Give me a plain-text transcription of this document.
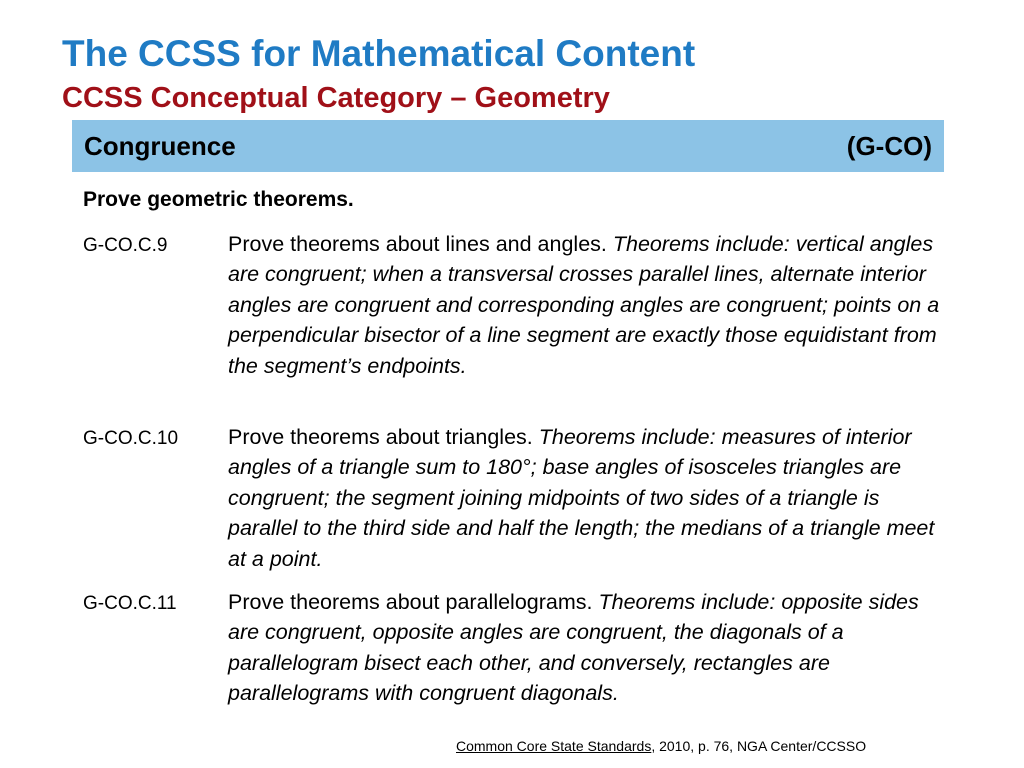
The CCSS for Mathematical Content
CCSS Conceptual Category – Geometry
Congruence	(G-CO)
Prove geometric theorems.
G-CO.C.9	Prove theorems about lines and angles. Theorems include: vertical angles are congruent; when a transversal crosses parallel lines, alternate interior angles are congruent and corresponding angles are congruent; points on a perpendicular bisector of a line segment are exactly those equidistant from the segment’s endpoints.

G-CO.C.10 Prove theorems about triangles. Theorems include: measures of interior angles of a triangle sum to 180°; base angles of isosceles triangles are congruent; the segment joining midpoints of two sides of a triangle is parallel to the third side and half the length; the medians of a triangle meet at a point.

G-CO.C.11 Prove theorems about parallelograms. Theorems include: opposite sides are congruent, opposite angles are congruent, the diagonals of a parallelogram bisect each other, and conversely, rectangles are parallelograms with congruent diagonals.

Common Core State Standards, 2010, p. 76, NGA Center/CCSSO
